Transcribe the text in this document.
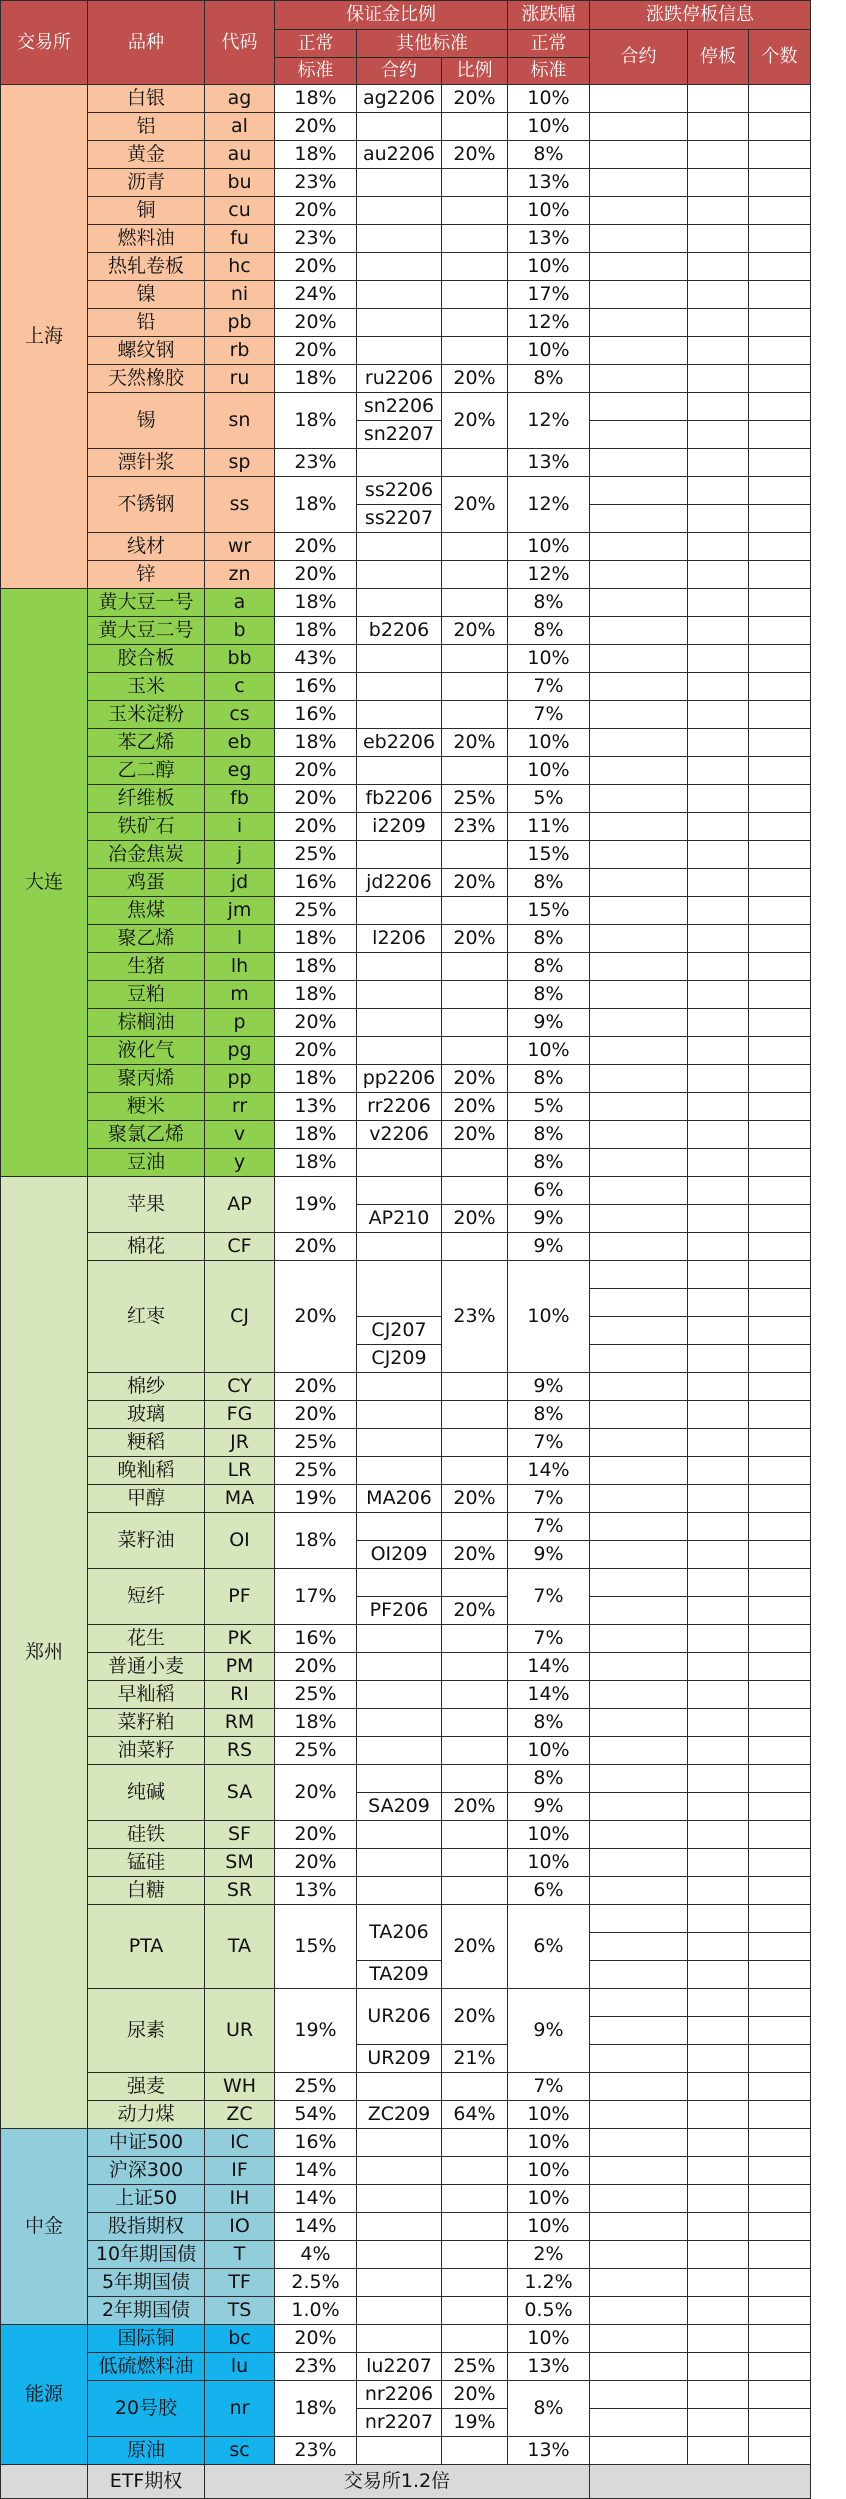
交易所	品种	代码	保证金比例			涨跌幅	涨跌停板信息		
			正常	其他标准		正常	合约	停板	个数
			标准	合约	比例	标准			
上海	白银	ag	18%	ag2206	20%	10%			
	铝	al	20%			10%			
	黄金	au	18%	au2206	20%	8%			
	沥青	bu	23%			13%			
	铜	cu	20%			10%			
	燃料油	fu	23%			13%			
	热轧卷板	hc	20%			10%			
	镍	ni	24%			17%			
	铅	pb	20%			12%			
	螺纹钢	rb	20%			10%			
	天然橡胶	ru	18%	ru2206	20%	8%			
	锡	sn	18%	sn2206	20%	12%			
				sn2207					
	漂针浆	sp	23%			13%			
	不锈钢	ss	18%	ss2206	20%	12%			
				ss2207					
	线材	wr	20%			10%			
	锌	zn	20%			12%			
大连	黄大豆一号	a	18%			8%			
	黄大豆二号	b	18%	b2206	20%	8%			
	胶合板	bb	43%			10%			
	玉米	c	16%			7%			
	玉米淀粉	cs	16%			7%			
	苯乙烯	eb	18%	eb2206	20%	10%			
	乙二醇	eg	20%			10%			
	纤维板	fb	20%	fb2206	25%	5%			
	铁矿石	i	20%	i2209	23%	11%			
	冶金焦炭	j	25%			15%			
	鸡蛋	jd	16%	jd2206	20%	8%			
	焦煤	jm	25%			15%			
	聚乙烯	l	18%	l2206	20%	8%			
	生猪	lh	18%			8%			
	豆粕	m	18%			8%			
	棕榈油	p	20%			9%			
	液化气	pg	20%			10%			
	聚丙烯	pp	18%	pp2206	20%	8%			
	粳米	rr	13%	rr2206	20%	5%			
	聚氯乙烯	v	18%	v2206	20%	8%			
	豆油	y	18%			8%			
郑州	苹果	AP	19%			6%			
				AP210	20%	9%			
	棉花	CF	20%			9%			
	红枣	CJ	20%		23%	10%			

				CJ207					
				CJ209					
	棉纱	CY	20%			9%			
	玻璃	FG	20%			8%			
	粳稻	JR	25%			7%			
	晚籼稻	LR	25%			14%			
	甲醇	MA	19%	MA206	20%	7%			
	菜籽油	OI	18%			7%			
				OI209	20%	9%			
	短纤	PF	17%			7%			
				PF206	20%				
	花生	PK	16%			7%			
	普通小麦	PM	20%			14%			
	早籼稻	RI	25%			14%			
	菜籽粕	RM	18%			8%			
	油菜籽	RS	25%			10%			
	纯碱	SA	20%			8%			
				SA209	20%	9%			
	硅铁	SF	20%			10%			
	锰硅	SM	20%			10%			
	白糖	SR	13%			6%			
	PTA	TA	15%	TA206	20%	6%			

				TA209					
	尿素	UR	19%	UR206	20%	9%			

				UR209	21%				
	强麦	WH	25%			7%			
	动力煤	ZC	54%	ZC209	64%	10%			
中金	中证500	IC	16%			10%			
	沪深300	IF	14%			10%			
	上证50	IH	14%			10%			
	股指期权	IO	14%			10%			
	10年期国债	T	4%			2%			
	5年期国债	TF	2.5%			1.2%			
	2年期国债	TS	1.0%			0.5%			
能源	国际铜	bc	20%			10%			
	低硫燃料油	lu	23%	lu2207	25%	13%			
	20号胶	nr	18%	nr2206	20%	8%			
				nr2207	19%				
	原油	sc	23%			13%			
	ETF期权	交易所1.2倍							
